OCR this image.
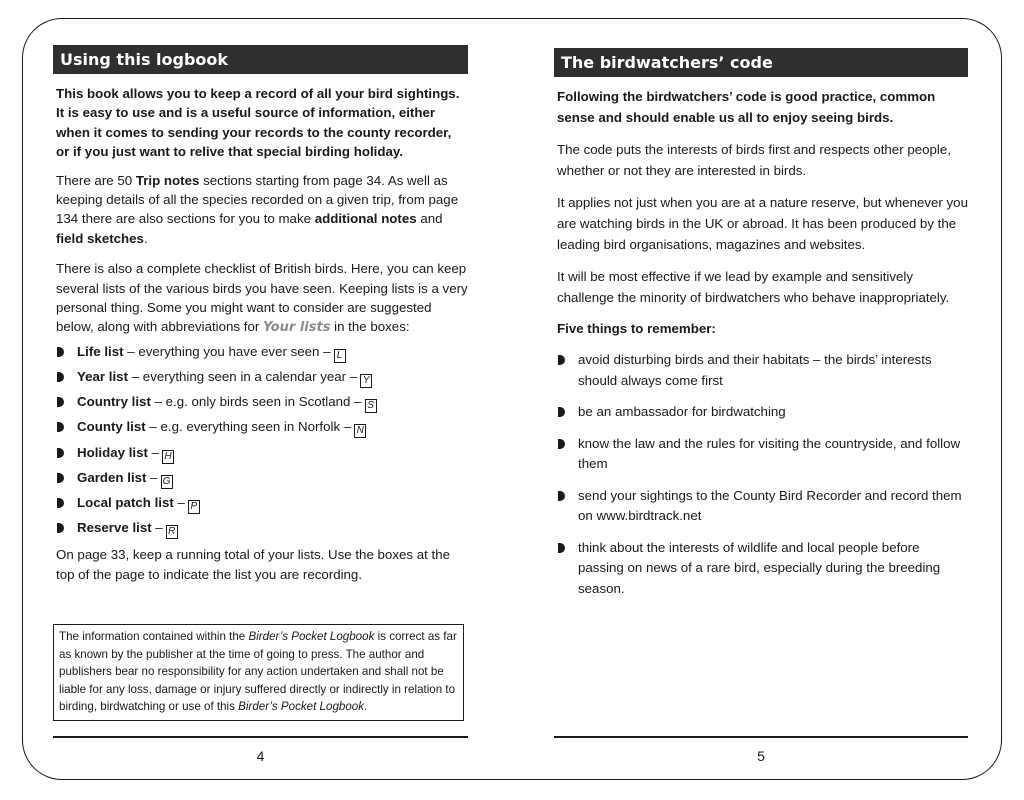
Using this logbook

This book allows you to keep a record of all your bird sightings. It is easy to use and is a useful source of information, either when it comes to sending your records to the county recorder, or if you just want to relive that special birding holiday.

There are 50 Trip notes sections starting from page 34. As well as keeping details of all the species recorded on a given trip, from page 134 there are also sections for you to make additional notes and field sketches.

There is also a complete checklist of British birds. Here, you can keep several lists of the various birds you have seen. Keeping lists is a very personal thing. Some you might want to consider are suggested below, along with abbreviations for Your lists in the boxes:

Life list – everything you have ever seen – L
Year list – everything seen in a calendar year – Y
Country list – e.g. only birds seen in Scotland – S
County list – e.g. everything seen in Norfolk – N
Holiday list – H
Garden list – G
Local patch list – P
Reserve list – R

On page 33, keep a running total of your lists. Use the boxes at the top of the page to indicate the list you are recording.

The information contained within the Birder’s Pocket Logbook is correct as far as known by the publisher at the time of going to press. The author and publishers bear no responsibility for any action undertaken and shall not be liable for any loss, damage or injury suffered directly or indirectly in relation to birding, birdwatching or use of this Birder’s Pocket Logbook.
4
The birdwatchers’ code

Following the birdwatchers’ code is good practice, common sense and should enable us all to enjoy seeing birds.

The code puts the interests of birds first and respects other people, whether or not they are interested in birds.

It applies not just when you are at a nature reserve, but whenever you are watching birds in the UK or abroad. It has been produced by the leading bird organisations, magazines and websites.

It will be most effective if we lead by example and sensitively challenge the minority of birdwatchers who behave inappropriately.

Five things to remember:

avoid disturbing birds and their habitats – the birds’ interests should always come first
be an ambassador for birdwatching
know the law and the rules for visiting the countryside, and follow them
send your sightings to the County Bird Recorder and record them on www.birdtrack.net
think about the interests of wildlife and local people before passing on news of a rare bird, especially during the breeding season.
5
